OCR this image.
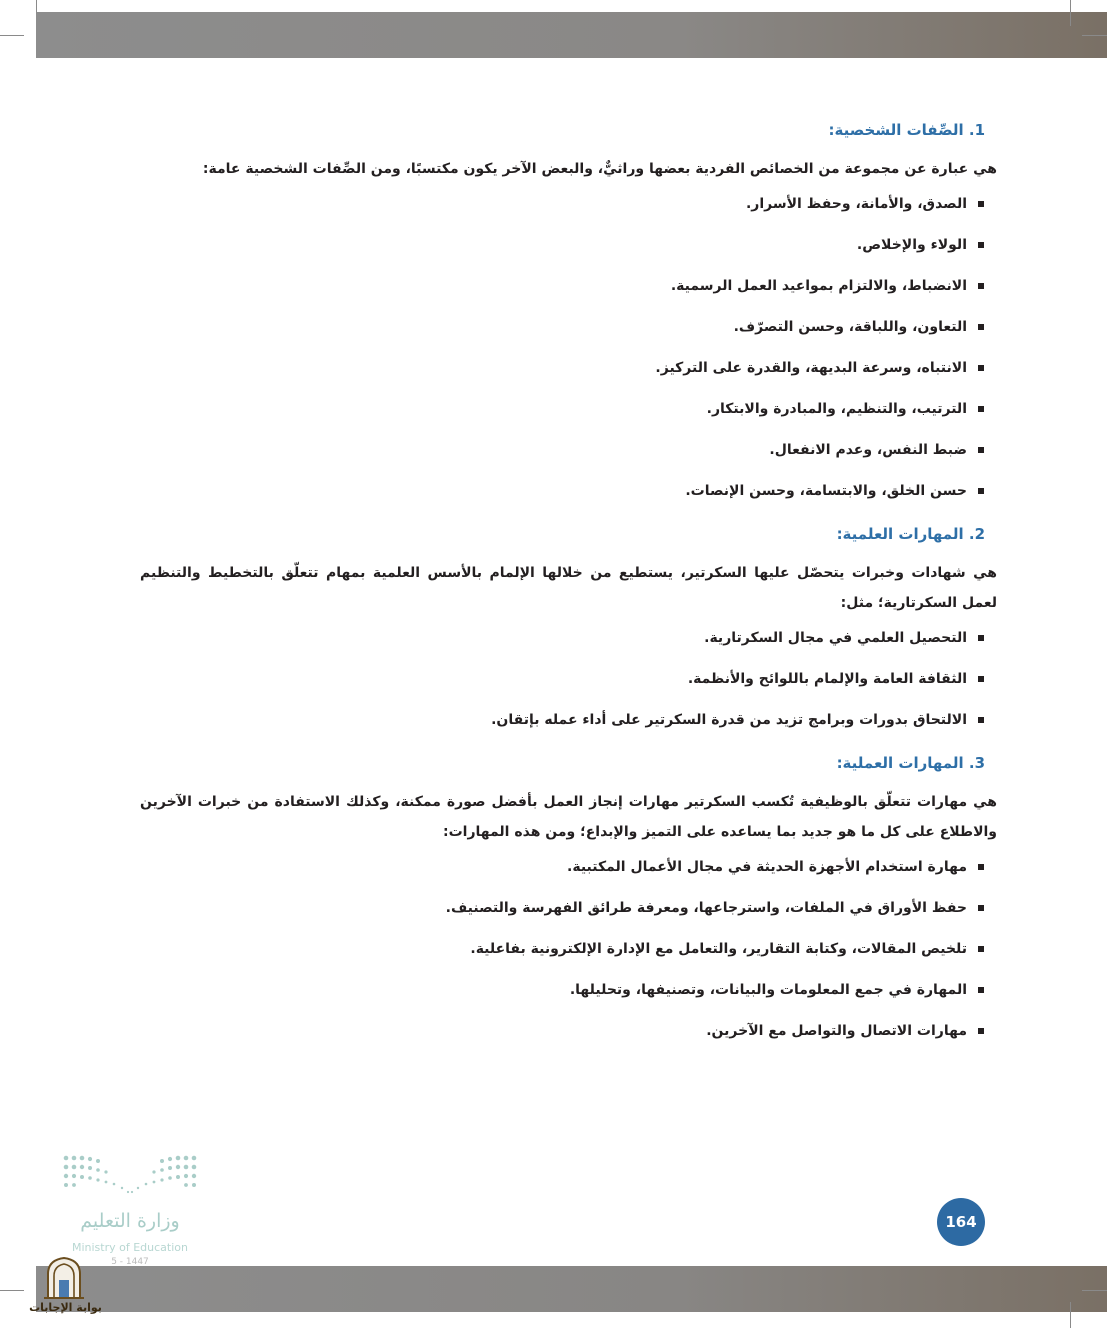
1. الصِّفات الشخصية:

هي عبارة عن مجموعة من الخصائص الفردية بعضها وراثيٌّ، والبعض الآخر يكون مكتسبًا، ومن الصِّفات الشخصية عامة:

الصدق، والأمانة، وحفظ الأسرار.
الولاء والإخلاص.
الانضباط، والالتزام بمواعيد العمل الرسمية.
التعاون، واللباقة، وحسن التصرّف.
الانتباه، وسرعة البديهة، والقدرة على التركيز.
الترتيب، والتنظيم، والمبادرة والابتكار.
ضبط النفس، وعدم الانفعال.
حسن الخلق، والابتسامة، وحسن الإنصات.
2. المهارات العلمية:

هي شهادات وخبرات يتحصّل عليها السكرتير، يستطيع من خلالها الإلمام بالأسس العلمية بمهام تتعلّق بالتخطيط والتنظيم لعمل السكرتارية؛ مثل:

التحصيل العلمي في مجال السكرتارية.
الثقافة العامة والإلمام باللوائح والأنظمة.
الالتحاق بدورات وبرامج تزيد من قدرة السكرتير على أداء عمله بإتقان.
3. المهارات العملية:

هي مهارات تتعلّق بالوظيفية تُكسب السكرتير مهارات إنجاز العمل بأفضل صورة ممكنة، وكذلك الاستفادة من خبرات الآخرين والاطلاع على كل ما هو جديد بما يساعده على التميز والإبداع؛ ومن هذه المهارات:

مهارة استخدام الأجهزة الحديثة في مجال الأعمال المكتبية.
حفظ الأوراق في الملفات، واسترجاعها، ومعرفة طرائق الفهرسة والتصنيف.
تلخيص المقالات، وكتابة التقارير، والتعامل مع الإدارة الإلكترونية بفاعلية.
المهارة في جمع المعلومات والبيانات، وتصنيفها، وتحليلها.
مهارات الاتصال والتواصل مع الآخرين.
وزارة التعليم
Ministry of Education
5 - 1447
164
بوابة الإجابات
